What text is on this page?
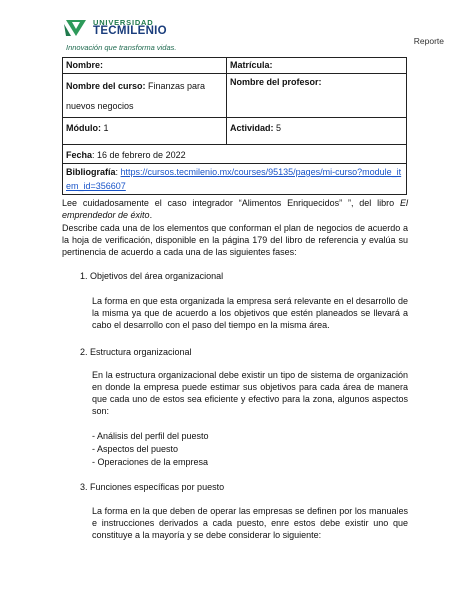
UNIVERSIDAD
TECMILENIO
Innovación que transforma vidas.
Reporte
Nombre:	Matrícula:

Nombre del curso: Finanzas para nuevos negocios	Nombre del profesor:

Módulo: 1	Actividad: 5

Fecha: 16 de febrero de 2022	

Bibliografía: https://cursos.tecmilenio.mx/courses/95135/pages/mi-curso?module_item_id=356607	
Lee cuidadosamente el caso integrador “Alimentos Enriquecidos” ”, del libro El emprendedor de éxito.
Describe cada una de los elementos que conforman el plan de negocios de acuerdo a la hoja de verificación, disponible en la página 179 del libro de referencia y evalúa su pertinencia de acuerdo a cada una de las siguientes fases:
1. Objetivos del área organizacional
La forma en que esta organizada la empresa será relevante en el desarrollo de la misma ya que de acuerdo a los objetivos que estén planeados se llevará a cabo el desarrollo con el paso del tiempo en la misma área.
2. Estructura organizacional
En la estructura organizacional debe existir un tipo de sistema de organización en donde la empresa puede estimar sus objetivos para cada área de manera que cada uno de estos sea eficiente y efectivo para la zona, algunos aspectos son:
- Análisis del perfil del puesto
- Aspectos del puesto
- Operaciones de la empresa
3. Funciones específicas por puesto
La forma en la que deben de operar las empresas se definen por los manuales e instrucciones derivados a cada puesto, enre estos debe existir uno que constituye a la mayoría y se debe considerar lo siguiente:
